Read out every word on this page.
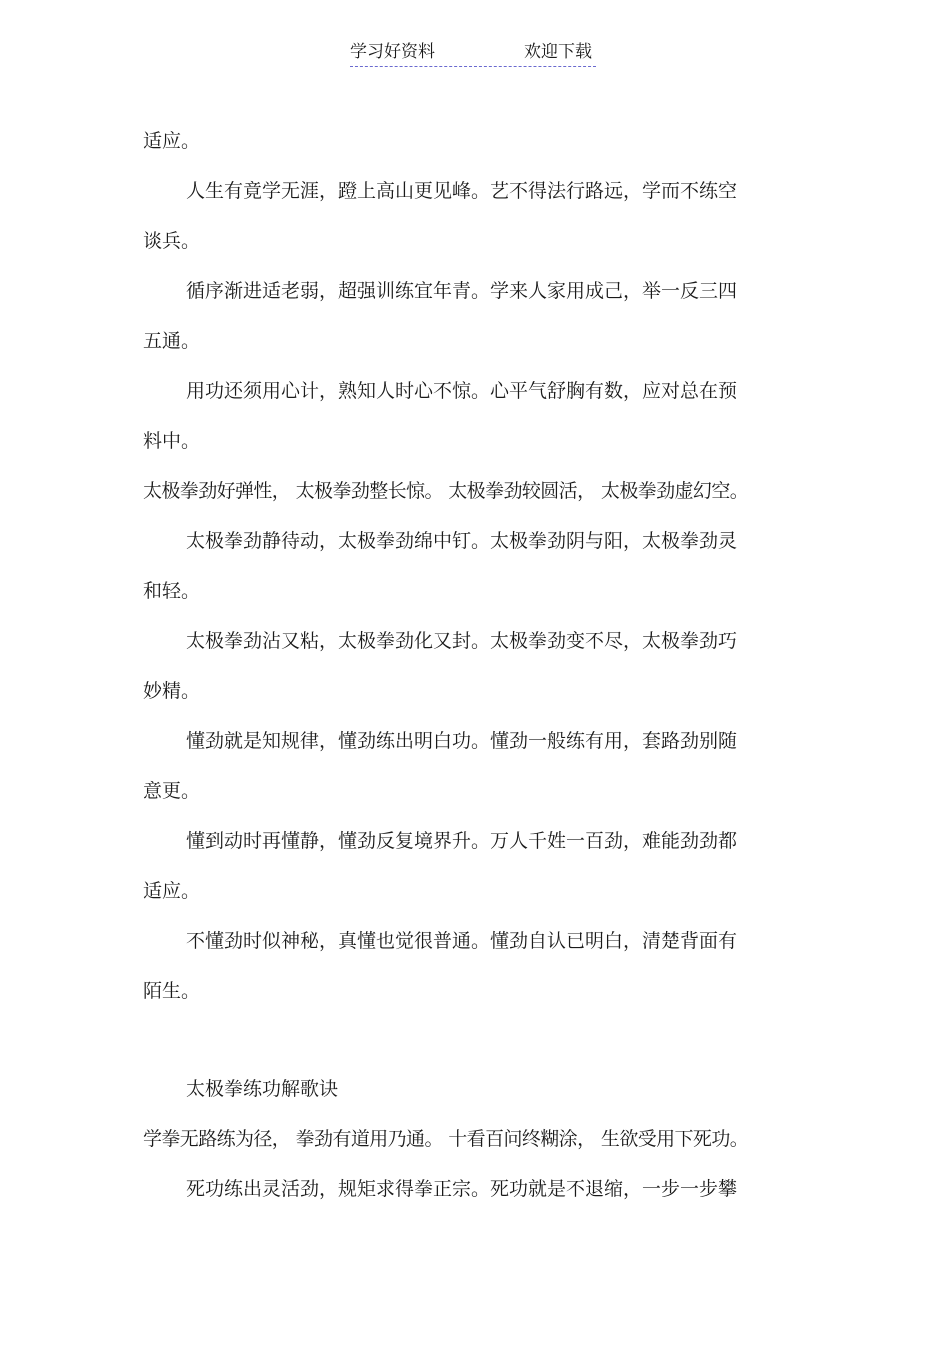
学习好资料	欢迎下载
适应。
人生有竟学无涯，蹬上高山更见峰。艺不得法行路远，学而不练空
谈兵。
循序渐进适老弱，超强训练宜年青。学来人家用成己，举一反三四
五通。
用功还须用心计，熟知人时心不惊。心平气舒胸有数，应对总在预
料中。
太极拳劲好弹性， 太极拳劲整长惊。 太极拳劲较圆活， 太极拳劲虚幻空。
太极拳劲静待动，太极拳劲绵中钉。太极拳劲阴与阳，太极拳劲灵
和轻。
太极拳劲沾又粘，太极拳劲化又封。太极拳劲变不尽，太极拳劲巧
妙精。
懂劲就是知规律，懂劲练出明白功。懂劲一般练有用，套路劲别随
意更。
懂到动时再懂静，懂劲反复境界升。万人千姓一百劲，难能劲劲都
适应。
不懂劲时似神秘，真懂也觉很普通。懂劲自认已明白，清楚背面有
陌生。
太极拳练功解歌诀
学拳无路练为径， 拳劲有道用乃通。 十看百问终糊涂， 生欲受用下死功。
死功练出灵活劲，规矩求得拳正宗。死功就是不退缩，一步一步攀
